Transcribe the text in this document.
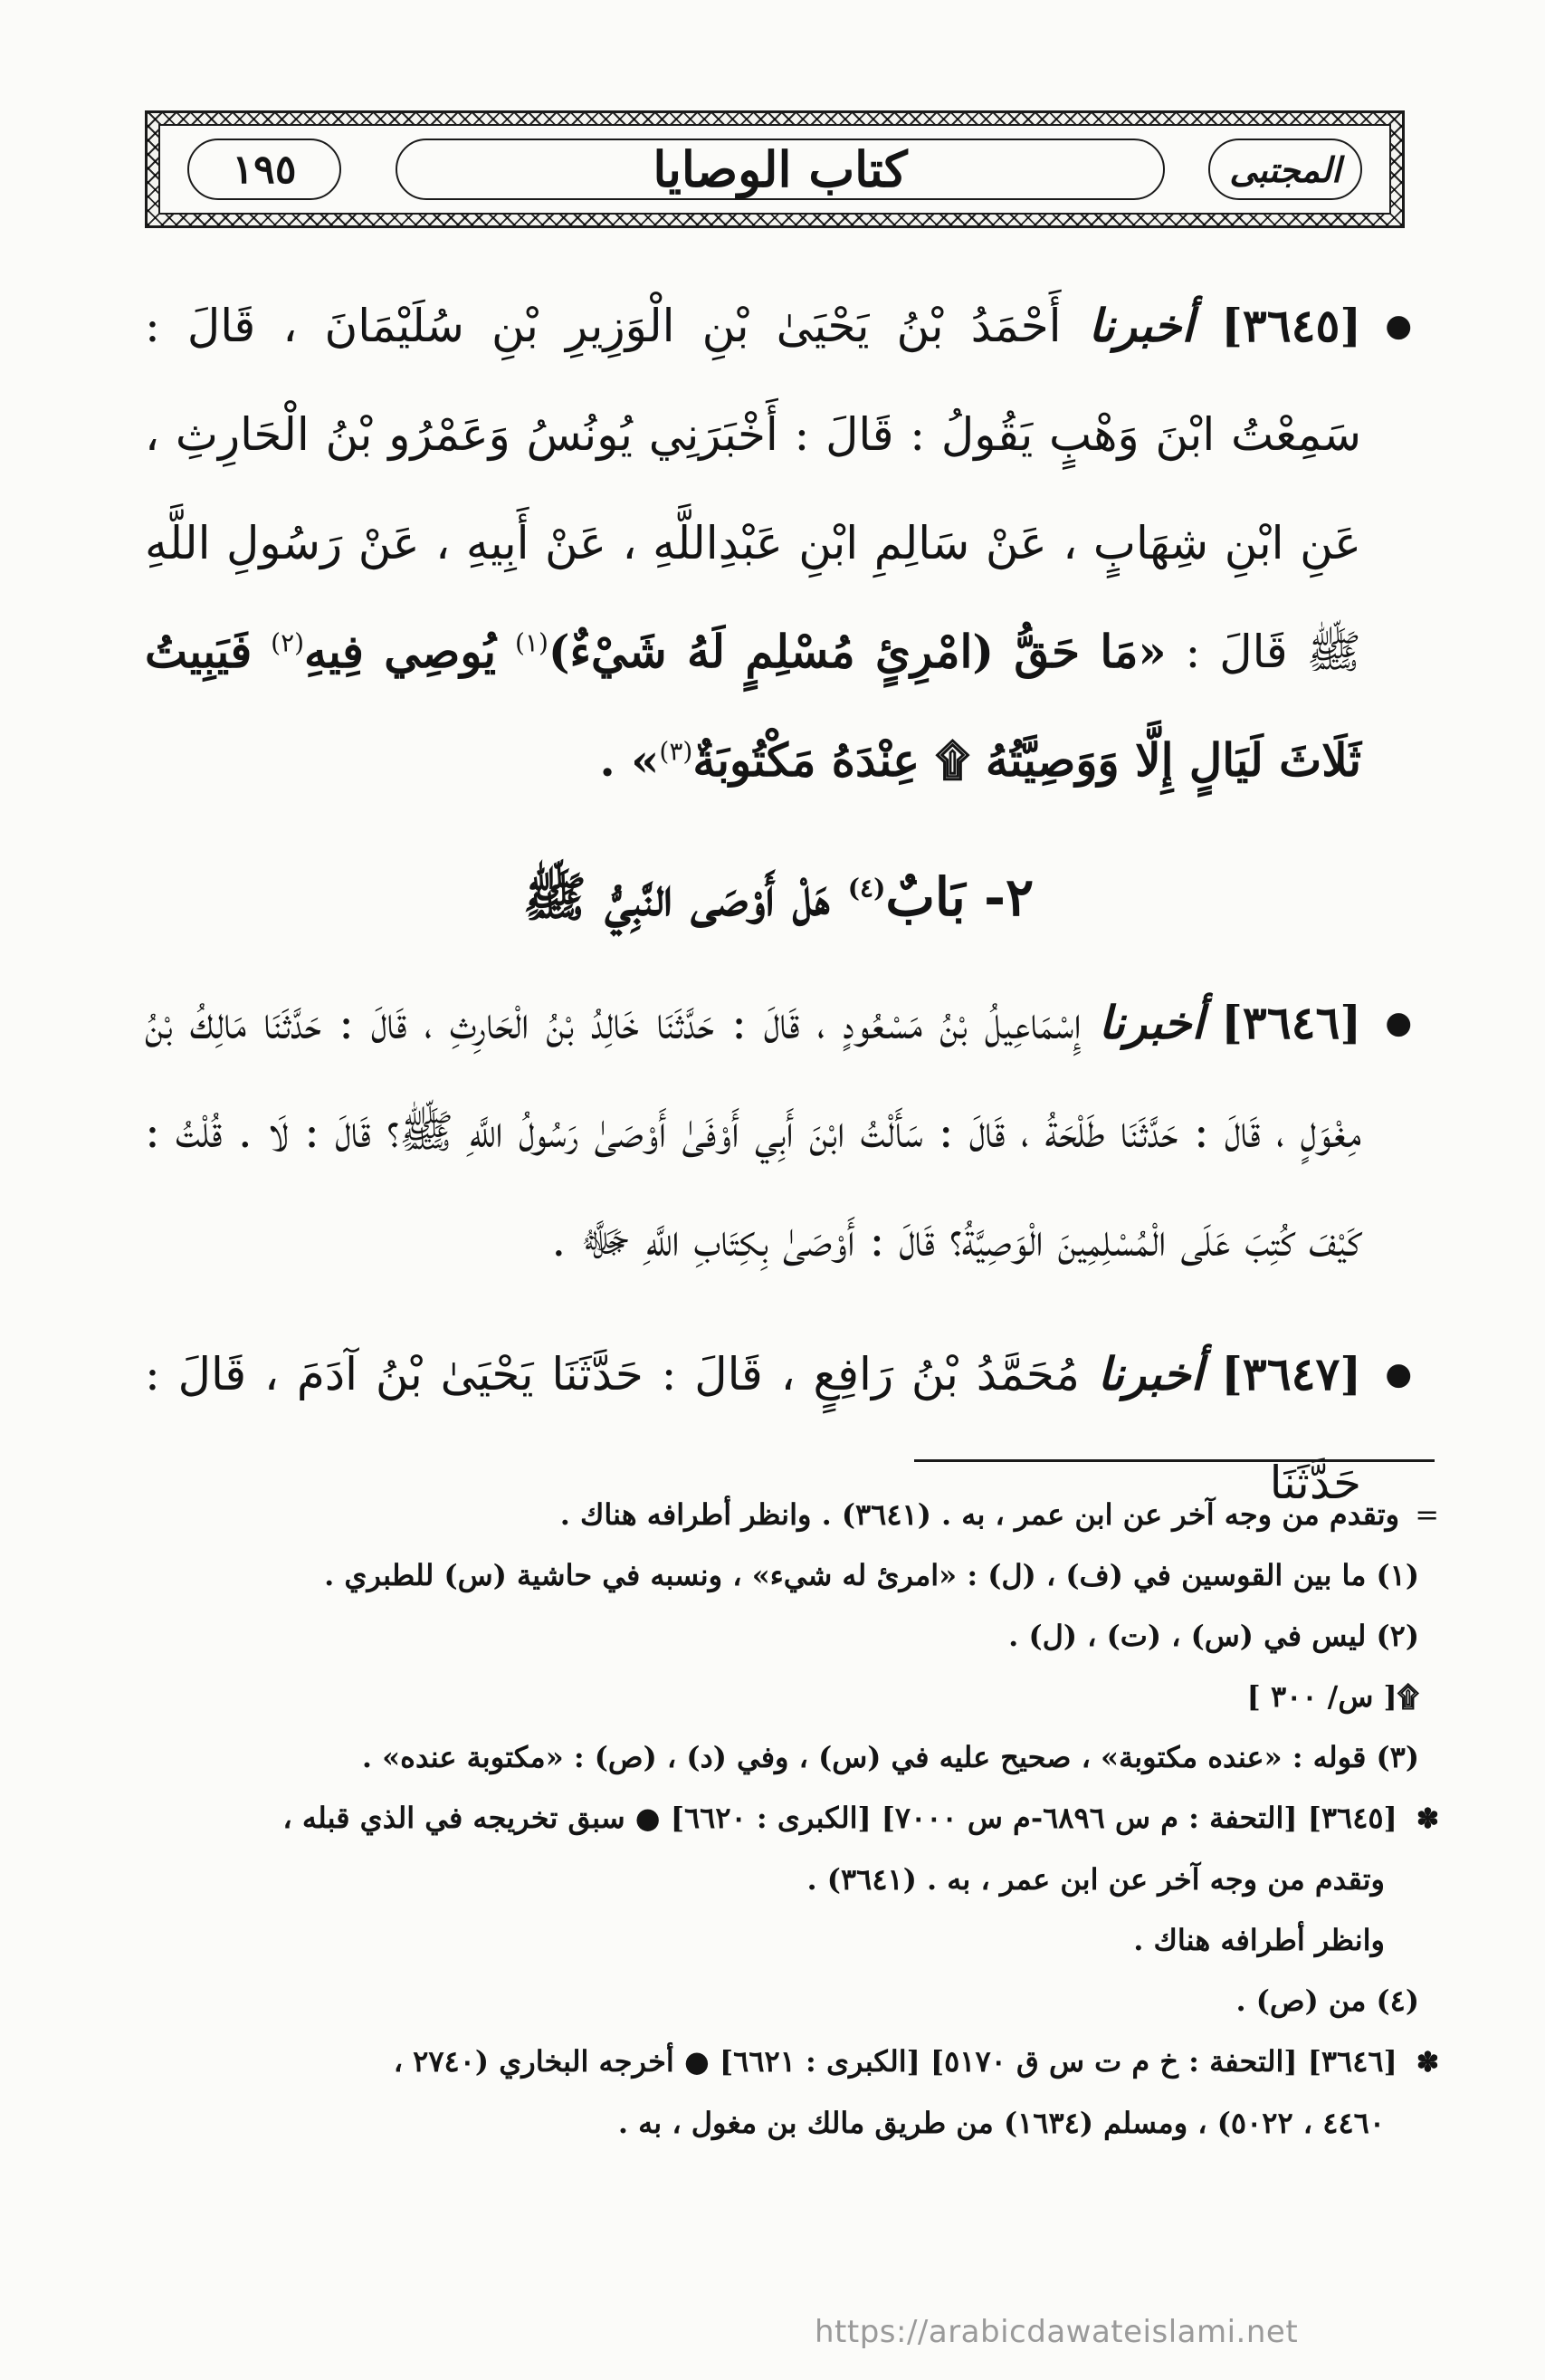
١٩٥	كتاب الوصايا	المجتبى

●
[٣٦٤٥] أخبرنا أَحْمَدُ بْنُ يَحْيَىٰ بْنِ الْوَزِيرِ بْنِ سُلَيْمَانَ ، قَالَ : سَمِعْتُ ابْنَ وَهْبٍ يَقُولُ : قَالَ : أَخْبَرَنِي يُونُسُ وَعَمْرُو بْنُ الْحَارِثِ ، عَنِ ابْنِ شِهَابٍ ، عَنْ سَالِمِ ابْنِ عَبْدِاللَّهِ ، عَنْ أَبِيهِ ، عَنْ رَسُولِ اللَّهِ ﷺ قَالَ : «مَا حَقُّ (امْرِئٍ مُسْلِمٍ لَهُ شَيْءٌ)$^{(١)}$ يُوصِي فِيهِ$^{(٢)}$ فَيَبِيتُ ثَلَاثَ لَيَالٍ إِلَّا وَوَصِيَّتُهُ ۩ عِنْدَهُ مَكْتُوبَةٌ$^{(٣)}$» .

٢- بَابٌ$^{(٤)}$ هَلْ أَوْصَى النَّبِيُّ ﷺ

●
[٣٦٤٦] أخبرنا إِسْمَاعِيلُ بْنُ مَسْعُودٍ ، قَالَ : حَدَّثَنَا خَالِدُ بْنُ الْحَارِثِ ، قَالَ : حَدَّثَنَا مَالِكُ بْنُ مِغْوَلٍ ، قَالَ : حَدَّثَنَا طَلْحَةُ ، قَالَ : سَأَلْتُ ابْنَ أَبِي أَوْفَىٰ أَوْصَىٰ رَسُولُ اللَّهِ ﷺ؟ قَالَ : لَا . قُلْتُ : كَيْفَ كُتِبَ عَلَى الْمُسْلِمِينَ الْوَصِيَّةُ؟ قَالَ : أَوْصَىٰ بِكِتَابِ اللَّهِ ﷻ .

●
[٣٦٤٧] أخبرنا مُحَمَّدُ بْنُ رَافِعٍ ، قَالَ : حَدَّثَنَا يَحْيَىٰ بْنُ آدَمَ ، قَالَ : حَدَّثَنَا

= وتقدم من وجه آخر عن ابن عمر ، به . (٣٦٤١) . وانظر أطرافه هناك .

(١) ما بين القوسين في (ف) ، (ل) : «امرئ له شيء» ، ونسبه في حاشية (س) للطبري .

(٢) ليس في (س) ، (ت) ، (ل) .

۩[ س/ ٣٠٠ ]

(٣) قوله : «عنده مكتوبة» ، صحيح عليه في (س) ، وفي (د) ، (ص) : «مكتوبة عنده» .

✽ [٣٦٤٥] [التحفة : م س ٦٨٩٦-م س ٧٠٠٠] [الكبرى : ٦٦٢٠] ● سبق تخريجه في الذي قبله ،

وتقدم من وجه آخر عن ابن عمر ، به . (٣٦٤١) .

وانظر أطرافه هناك .

(٤) من (ص) .

✽ [٣٦٤٦] [التحفة : خ م ت س ق ٥١٧٠] [الكبرى : ٦٦٢١] ● أخرجه البخاري (٢٧٤٠ ،

٤٤٦٠ ، ٥٠٢٢) ، ومسلم (١٦٣٤) من طريق مالك بن مغول ، به .

https://arabicdawateislami.net
